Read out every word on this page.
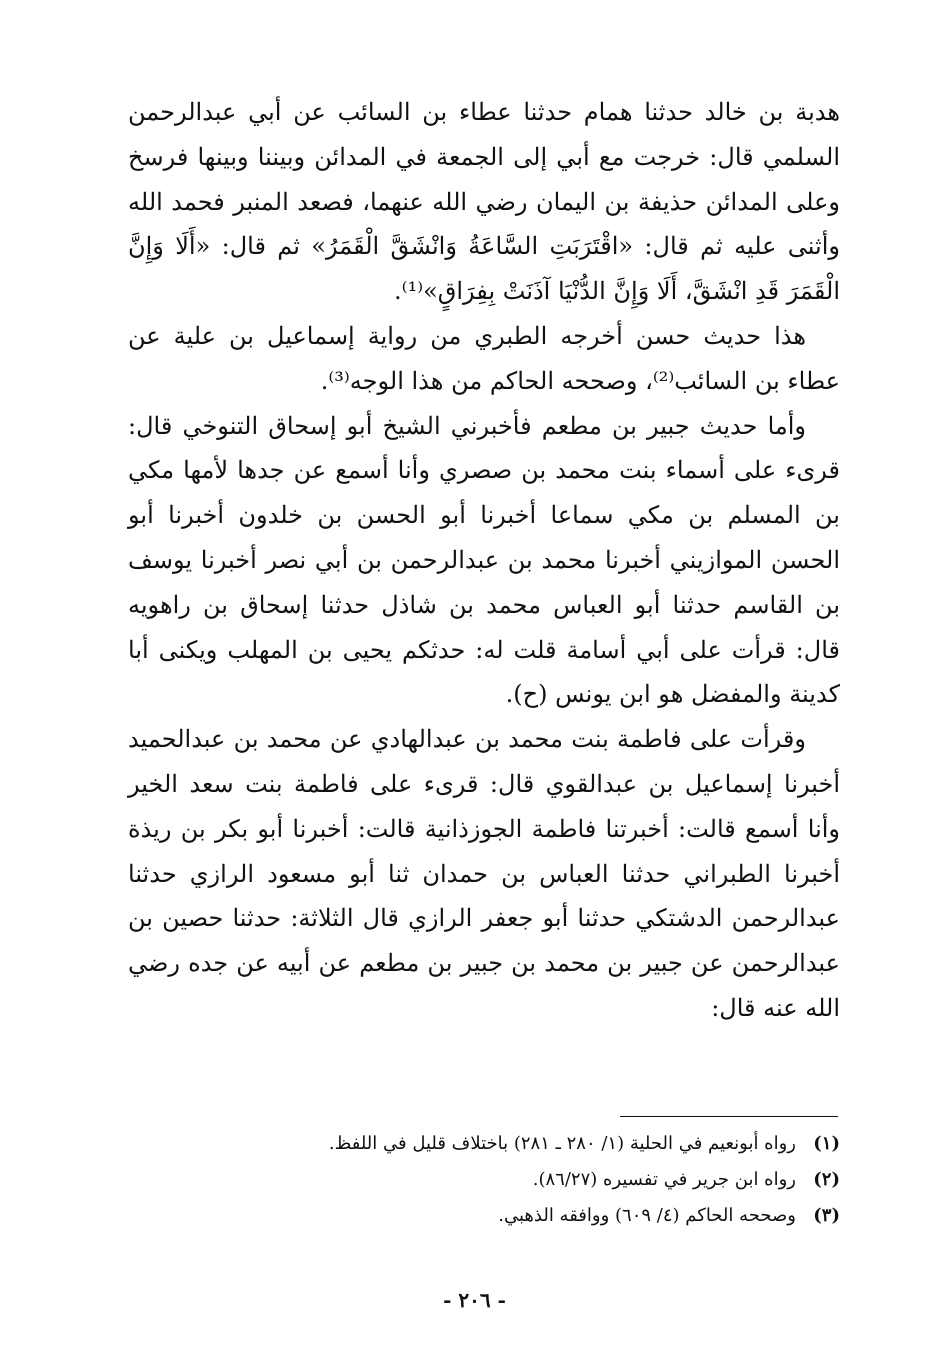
هدبة بن خالد حدثنا همام حدثنا عطاء بن السائب عن أبي عبدالرحمن السلمي قال: خرجت مع أبي إلى الجمعة في المدائن وبيننا وبينها فرسخ وعلى المدائن حذيفة بن اليمان رضي الله عنهما، فصعد المنبر فحمد الله وأثنى عليه ثم قال: «اقْتَرَبَتِ السَّاعَةُ وَانْشَقَّ الْقَمَرُ» ثم قال: «أَلَا وَإِنَّ الْقَمَرَ قَدِ انْشَقَّ، أَلَا وَإِنَّ الدُّنْيَا آذَنَتْ بِفِرَاقٍ»⁽¹⁾.

هذا حديث حسن أخرجه الطبري من رواية إسماعيل بن علية عن عطاء بن السائب⁽²⁾، وصححه الحاكم من هذا الوجه⁽³⁾.

وأما حديث جبير بن مطعم فأخبرني الشيخ أبو إسحاق التنوخي قال: قرىء على أسماء بنت محمد بن صصري وأنا أسمع عن جدها لأمها مكي بن المسلم بن مكي سماعا أخبرنا أبو الحسن بن خلدون أخبرنا أبو الحسن الموازيني أخبرنا محمد بن عبدالرحمن بن أبي نصر أخبرنا يوسف بن القاسم حدثنا أبو العباس محمد بن شاذل حدثنا إسحاق بن راهويه قال: قرأت على أبي أسامة قلت له: حدثكم يحيى بن المهلب ويكنى أبا كدينة والمفضل هو ابن يونس (ح).

وقرأت على فاطمة بنت محمد بن عبدالهادي عن محمد بن عبدالحميد أخبرنا إسماعيل بن عبدالقوي قال: قرىء على فاطمة بنت سعد الخير وأنا أسمع قالت: أخبرتنا فاطمة الجوزذانية قالت: أخبرنا أبو بكر بن ريذة أخبرنا الطبراني حدثنا العباس بن حمدان ثنا أبو مسعود الرازي حدثنا عبدالرحمن الدشتكي حدثنا أبو جعفر الرازي قال الثلاثة: حدثنا حصين بن عبدالرحمن عن جبير بن محمد بن جبير بن مطعم عن أبيه عن جده رضي الله عنه قال:

(١)
رواه أبونعيم في الحلية (١/ ٢٨٠ ـ ٢٨١) باختلاف قليل في اللفظ.
(٢)
رواه ابن جرير في تفسيره (٨٦/٢٧).
(٣)
وصححه الحاكم (٤/ ٦٠٩) ووافقه الذهبي.
- ٢٠٦ -
